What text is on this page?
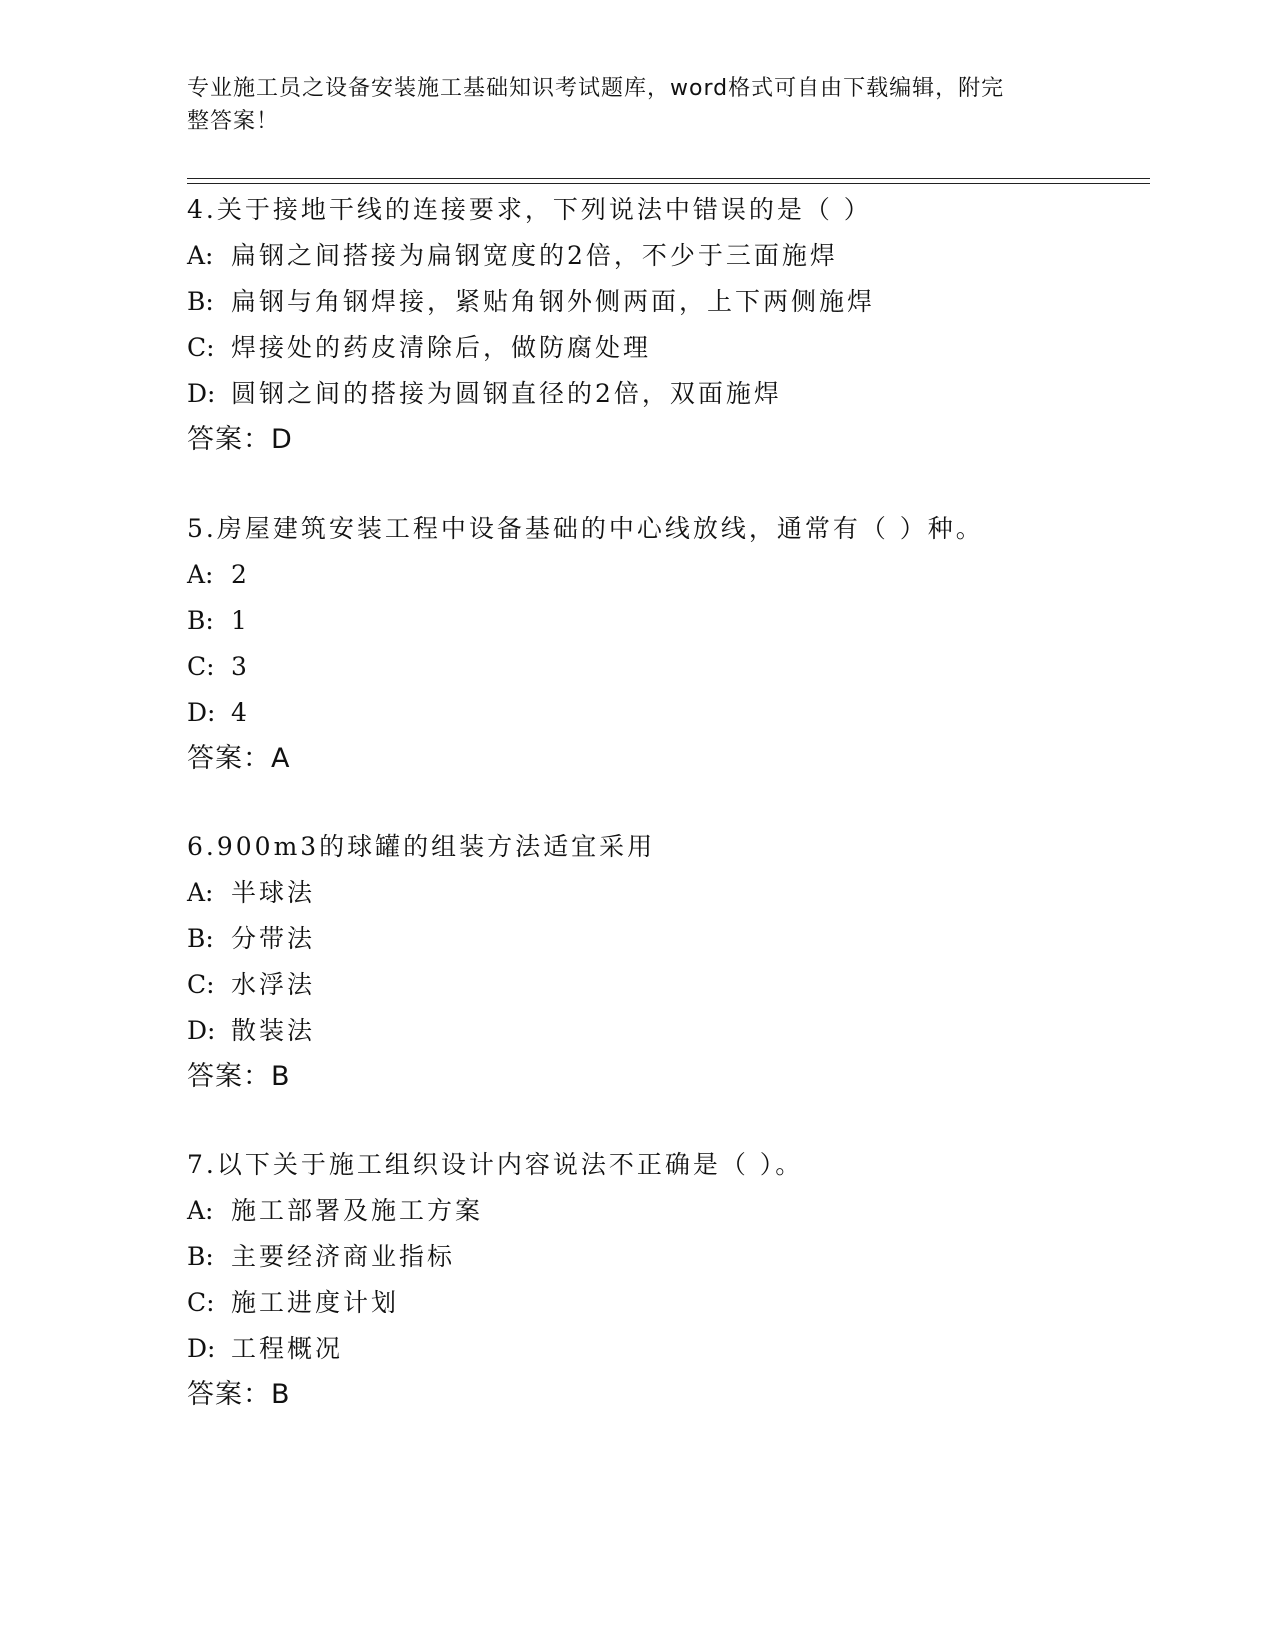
专业施工员之设备安装施工基础知识考试题库，word格式可自由下载编辑，附完
整答案！
4.关于接地干线的连接要求，下列说法中错误的是（ ）
A: 扁钢之间搭接为扁钢宽度的2倍，不少于三面施焊
B: 扁钢与角钢焊接，紧贴角钢外侧两面，上下两侧施焊
C: 焊接处的药皮清除后，做防腐处理
D: 圆钢之间的搭接为圆钢直径的2倍，双面施焊
答案：D
5.房屋建筑安装工程中设备基础的中心线放线，通常有（ ）种。
A: 2
B: 1
C: 3
D: 4
答案：A
6.900m3的球罐的组装方法适宜采用
A: 半球法
B: 分带法
C: 水浮法
D: 散装法
答案：B
7.以下关于施工组织设计内容说法不正确是（ ）。
A: 施工部署及施工方案
B: 主要经济商业指标
C: 施工进度计划
D: 工程概况
答案：B
